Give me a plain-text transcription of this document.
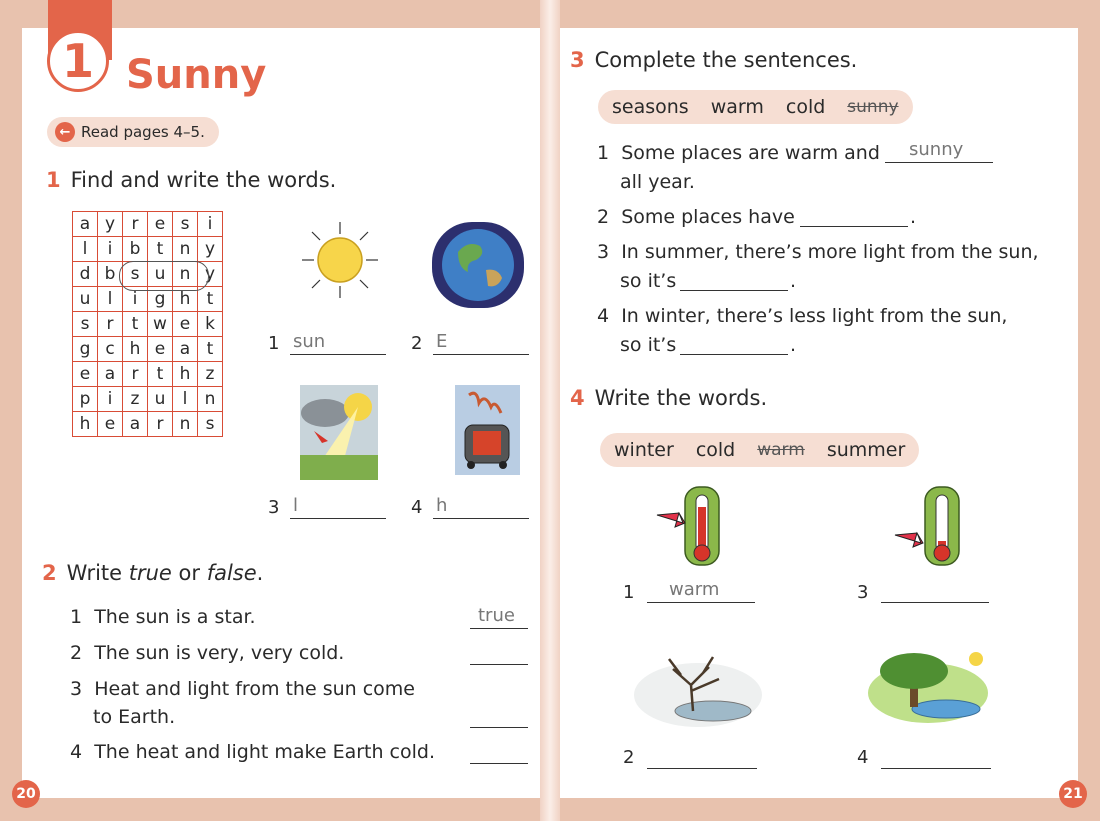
1 Sunny
← Read pages 4–5.
1 Find and write the words.
a	y	r	e	s	i
l	i	b	t	n	y
d	b	s	u	n	y
u	l	i	g	h	t
s	r	t	w	e	k
g	c	h	e	a	t
e	a	r	t	h	z
p	i	z	u	l	n
h	e	a	r	n	s
1 sun	2 E
3 l	4 h
2 Write true or false.
1 The sun is a star.	true
2 The sun is very, very cold.
3 Heat and light from the sun come
to Earth.
4 The heat and light make Earth cold.
20
3 Complete the sentences.
seasons warm cold sunny
1 Some places are warm and sunny
all year.
2 Some places have	.
3 In summer, there’s more light from the sun,
so it’s	.
4 In winter, there’s less light from the sun,
so it’s	.
4 Write the words.
winter cold warm summer
1 warm	3
2	4
21
